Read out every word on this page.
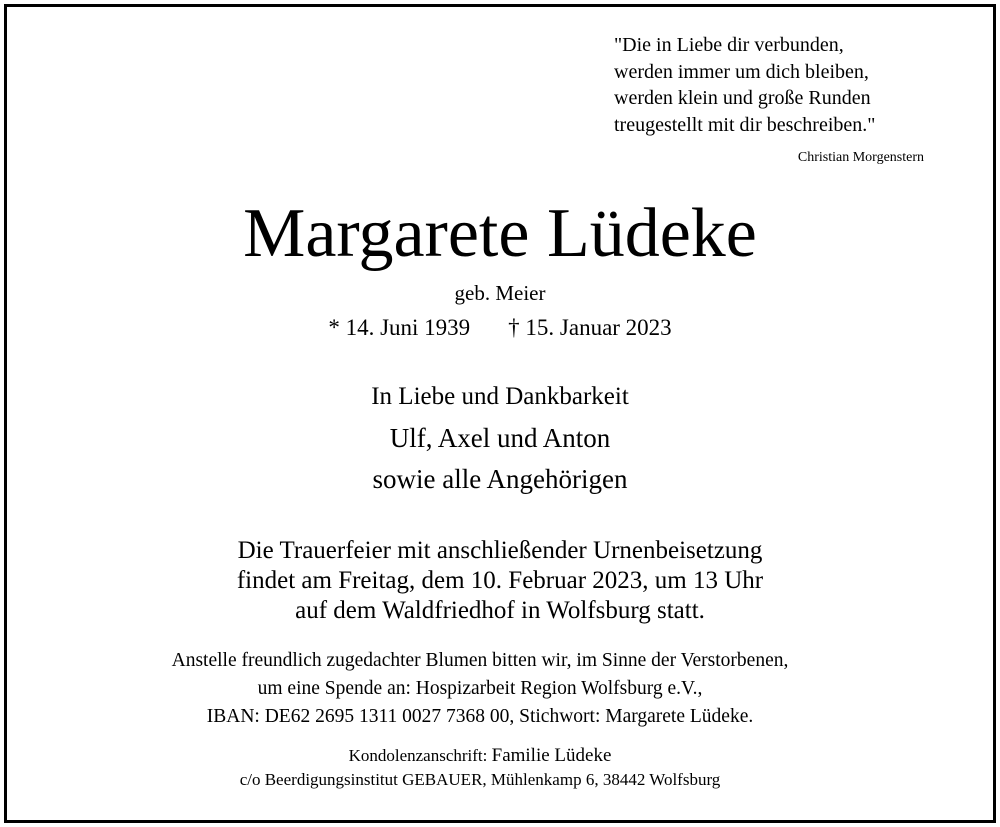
"Die in Liebe dir verbunden,
werden immer um dich bleiben,
werden klein und große Runden
treugestellt mit dir beschreiben."
Christian Morgenstern
Margarete Lüdeke
geb. Meier
* 14. Juni 1939 † 15. Januar 2023
In Liebe und Dankbarkeit
Ulf, Axel und Anton
sowie alle Angehörigen
Die Trauerfeier mit anschließender Urnenbeisetzung
findet am Freitag, dem 10. Februar 2023, um 13 Uhr
auf dem Waldfriedhof in Wolfsburg statt.
Anstelle freundlich zugedachter Blumen bitten wir, im Sinne der Verstorbenen,
um eine Spende an: Hospizarbeit Region Wolfsburg e.V.,
IBAN: DE62 2695 1311 0027 7368 00, Stichwort: Margarete Lüdeke.
Kondolenzanschrift: Familie Lüdeke
c/o Beerdigungsinstitut GEBAUER, Mühlenkamp 6, 38442 Wolfsburg
